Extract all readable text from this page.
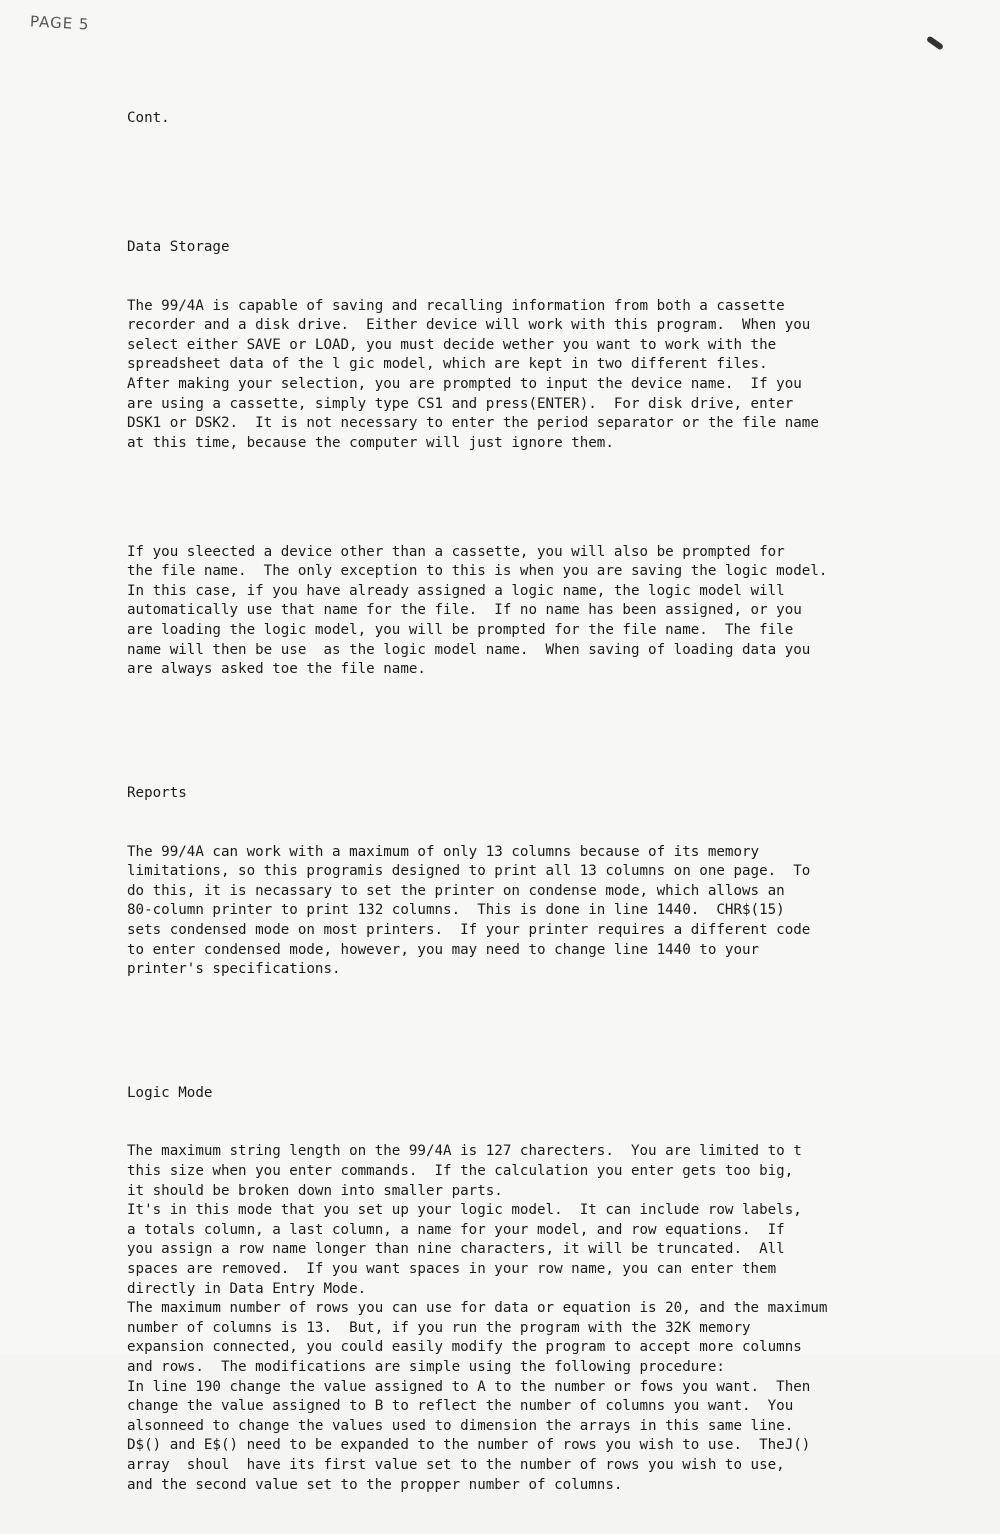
PAGE 5

Cont.

Data Storage

The 99/4A is capable of saving and recalling information from both a cassette
recorder and a disk drive.  Either device will work with this program.  When you
select either SAVE or LOAD, you must decide wether you want to work with the
spreadsheet data of the l gic model, which are kept in two different files.
After making your selection, you are prompted to input the device name.  If you
are using a cassette, simply type CS1 and press(ENTER).  For disk drive, enter
DSK1 or DSK2.  It is not necessary to enter the period separator or the file name
at this time, because the computer will just ignore them.

If you sleected a device other than a cassette, you will also be prompted for
the file name.  The only exception to this is when you are saving the logic model.
In this case, if you have already assigned a logic name, the logic model will
automatically use that name for the file.  If no name has been assigned, or you
are loading the logic model, you will be prompted for the file name.  The file
name will then be use  as the logic model name.  When saving of loading data you
are always asked toe the file name.

Reports

The 99/4A can work with a maximum of only 13 columns because of its memory
limitations, so this programis designed to print all 13 columns on one page.  To
do this, it is necassary to set the printer on condense mode, which allows an
80-column printer to print 132 columns.  This is done in line 1440.  CHR$(15)
sets condensed mode on most printers.  If your printer requires a different code
to enter condensed mode, however, you may need to change line 1440 to your
printer's specifications.

Logic Mode

The maximum string length on the 99/4A is 127 charecters.  You are limited to t
this size when you enter commands.  If the calculation you enter gets too big,
it should be broken down into smaller parts.
It's in this mode that you set up your logic model.  It can include row labels,
a totals column, a last column, a name for your model, and row equations.  If
you assign a row name longer than nine characters, it will be truncated.  All
spaces are removed.  If you want spaces in your row name, you can enter them
directly in Data Entry Mode.
The maximum number of rows you can use for data or equation is 20, and the maximum
number of columns is 13.  But, if you run the program with the 32K memory
expansion connected, you could easily modify the program to accept more columns
and rows.  The modifications are simple using the following procedure:
In line 190 change the value assigned to A to the number or fows you want.  Then
change the value assigned to B to reflect the number of columns you want.  You
alsonneed to change the values used to dimension the arrays in this same line.
D$() and E$() need to be expanded to the number of rows you wish to use.  TheJ()
array  shoul  have its first value set to the number of rows you wish to use,
and the second value set to the propper number of columns.
